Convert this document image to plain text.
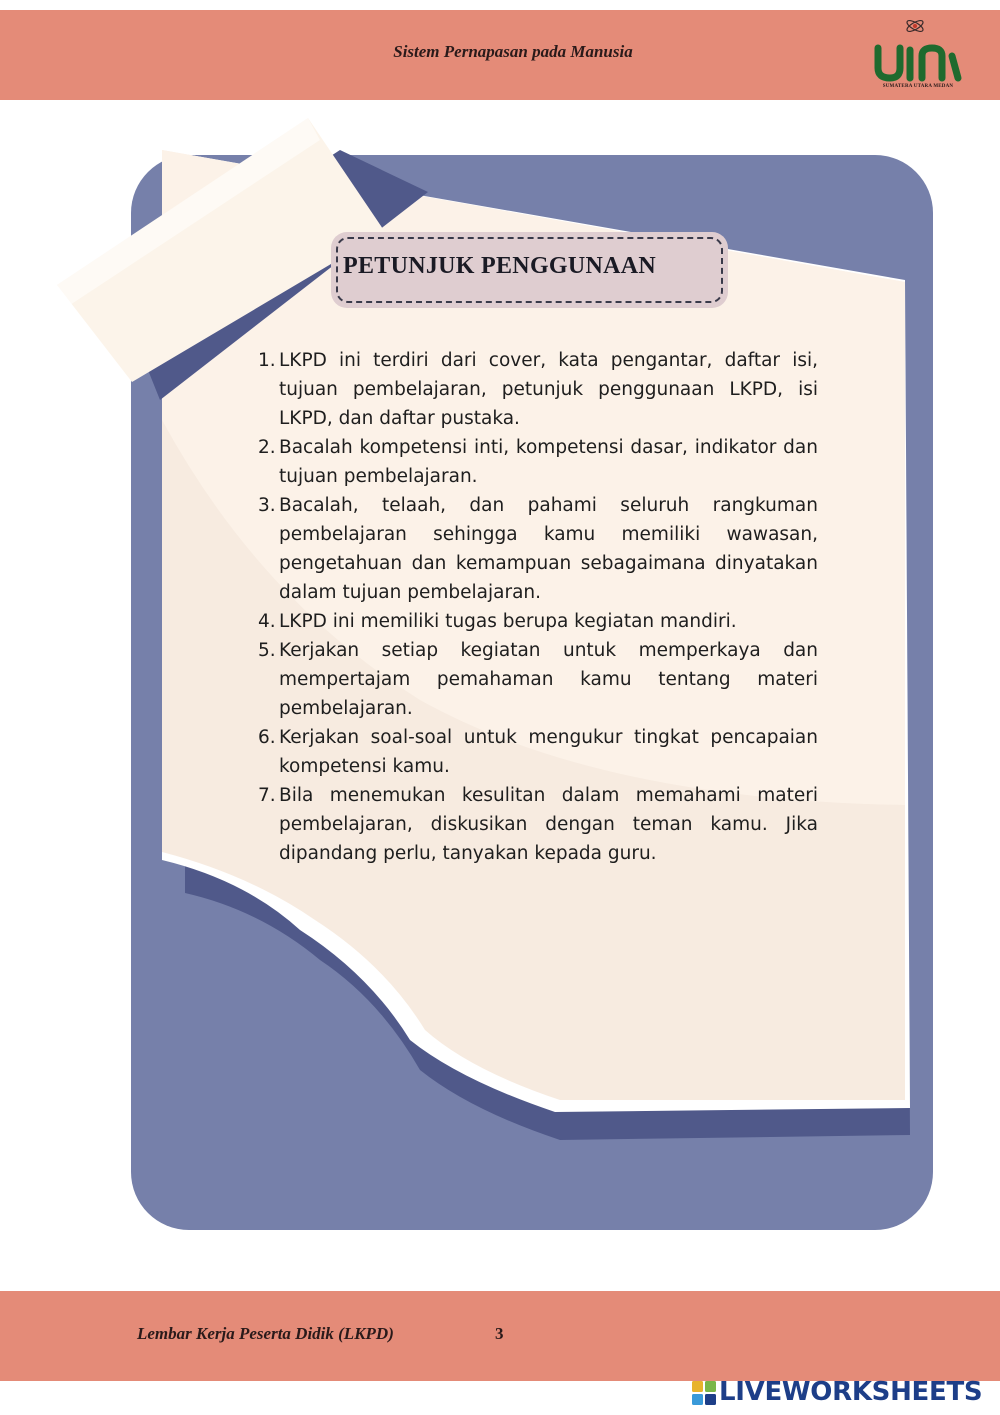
Sistem Pernapasan pada Manusia
SUMATERA UTARA MEDAN
PETUNJUK PENGGUNAAN
1. LKPD ini terdiri dari cover, kata pengantar, daftar isi, tujuan pembelajaran, petunjuk penggunaan LKPD, isi LKPD, dan daftar pustaka.
2. Bacalah kompetensi inti, kompetensi dasar, indikator dan tujuan pembelajaran.
3. Bacalah, telaah, dan pahami seluruh rangkuman pembelajaran sehingga kamu memiliki wawasan, pengetahuan dan kemampuan sebagaimana dinyatakan dalam tujuan pembelajaran.
4. LKPD ini memiliki tugas berupa kegiatan mandiri.
5. Kerjakan setiap kegiatan untuk memperkaya dan mempertajam pemahaman kamu tentang materi pembelajaran.
6. Kerjakan soal-soal untuk mengukur tingkat pencapaian kompetensi kamu.
7. Bila menemukan kesulitan dalam memahami materi pembelajaran, diskusikan dengan teman kamu. Jika dipandang perlu, tanyakan kepada guru.
Lembar Kerja Peserta Didik (LKPD)	3
LIVEWORKSHEETS
